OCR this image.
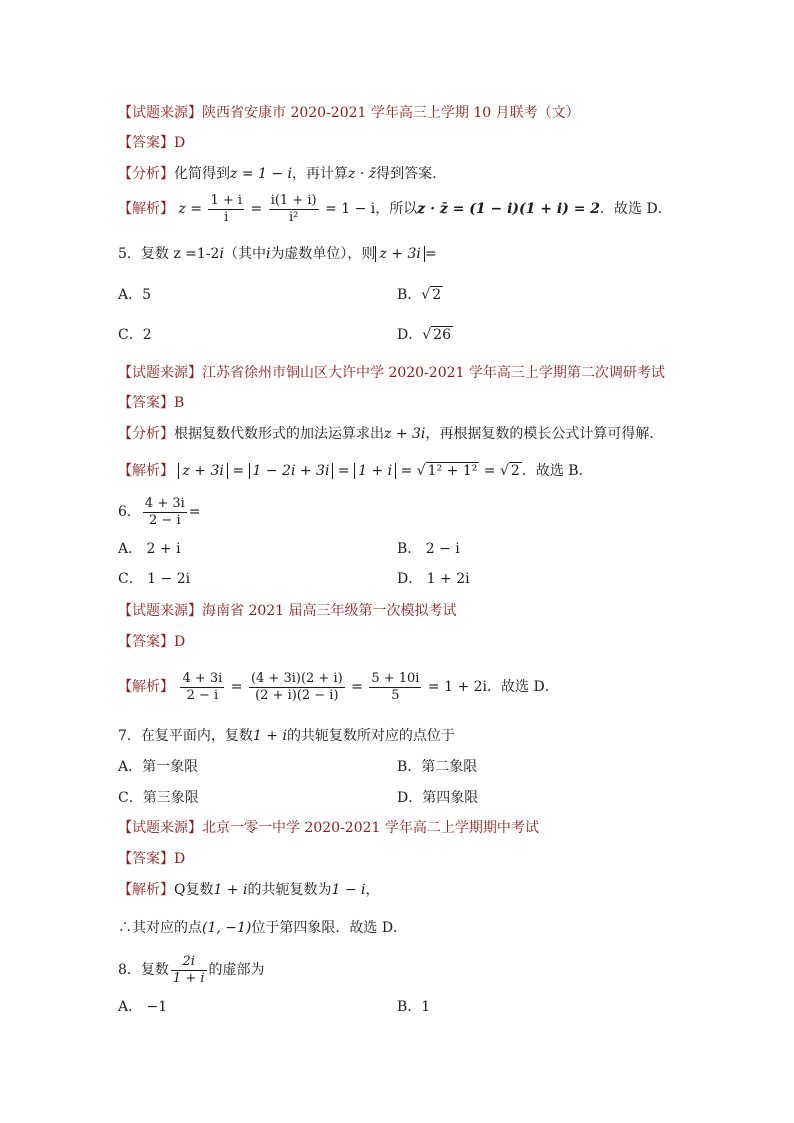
【试题来源】陕西省安康市 2020-2021 学年高三上学期 10 月联考（文）
【答案】D
【分析】化简得到z = 1 − i，再计算z · z̄得到答案．
【解析】 $z = \frac{1 + i}{i} = \frac{i(1 + i)}{\text{i²}} = 1 - i$，所以z · z̄ = (1 − i)(1 + i) = 2．故选 D．
5．复数 z =1-2i（其中i为虚数单位），则 z + 3i =
A．5	B．√ 2
C．2	D．√ 26
【试题来源】江苏省徐州市铜山区大许中学 2020-2021 学年高三上学期第二次调研考试
【答案】B
【分析】根据复数代数形式的加法运算求出z + 3i，再根据复数的模长公式计算可得解．
【解析】 z + 3i = 1 − 2i + 3i = 1 + i = √ 1² + 1² = √ 2 ．故选 B．
6． $\frac{4 + 3i}{2 - i}$ =
A． 2 + i	B． 2 − i
C． 1 − 2i	D． 1 + 2i
【试题来源】海南省 2021 届高三年级第一次模拟考试
【答案】D
【解析】 $\frac{4 + 3i}{2 - i} = \frac{(4 + 3i)(2 + i)}{(2 + i)(2 - i)} = \frac{5 + 10i}{5} = 1 + 2i$．故选 D．
7．在复平面内，复数1 + i的共轭复数所对应的点位于
A．第一象限	B．第二象限
C．第三象限	D．第四象限
【试题来源】北京一零一中学 2020-2021 学年高二上学期期中考试
【答案】D
【解析】Q复数1 + i的共轭复数为1 − i，
∴其对应的点(1, −1)位于第四象限．故选 D．
8．复数 $\frac{2i}{1 + i}$ 的虚部为
A． −1	B．1
